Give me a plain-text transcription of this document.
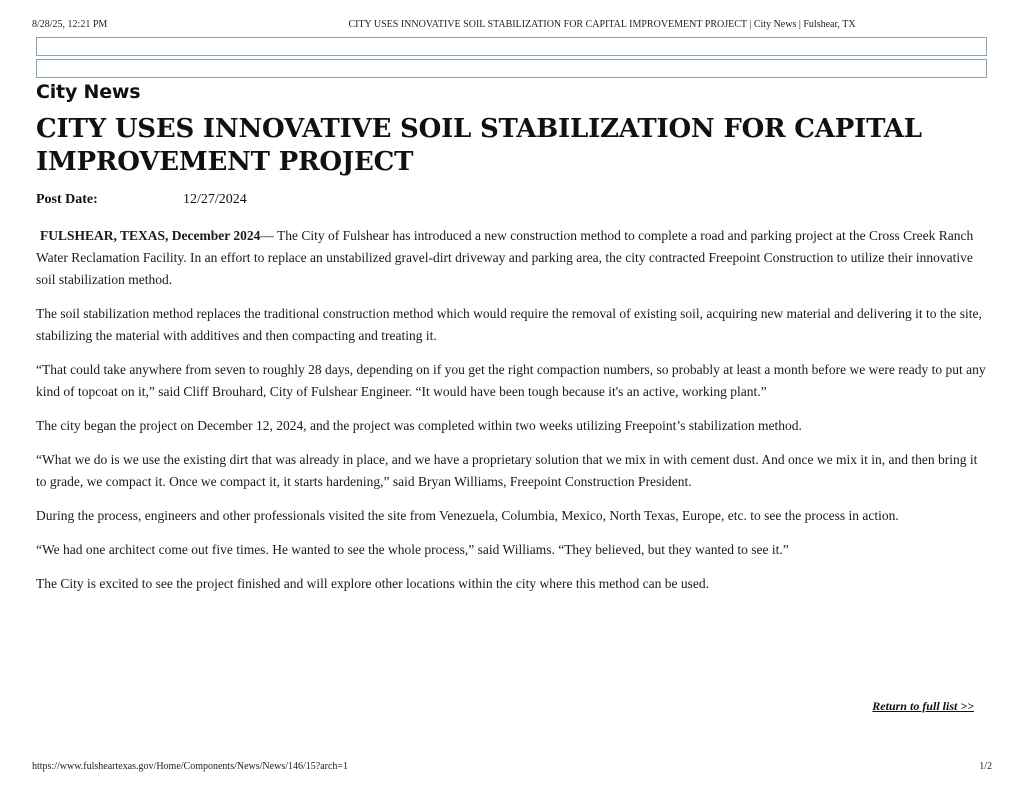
8/28/25, 12:21 PM	CITY USES INNOVATIVE SOIL STABILIZATION FOR CAPITAL IMPROVEMENT PROJECT | City News | Fulshear, TX
City News
CITY USES INNOVATIVE SOIL STABILIZATION FOR CAPITAL IMPROVEMENT PROJECT
Post Date:	12/27/2024

FULSHEAR, TEXAS, December 2024— The City of Fulshear has introduced a new construction method to complete a road and parking project at the Cross Creek Ranch Water Reclamation Facility. In an effort to replace an unstabilized gravel-dirt driveway and parking area, the city contracted Freepoint Construction to utilize their innovative soil stabilization method.

The soil stabilization method replaces the traditional construction method which would require the removal of existing soil, acquiring new material and delivering it to the site, stabilizing the material with additives and then compacting and treating it.

“That could take anywhere from seven to roughly 28 days, depending on if you get the right compaction numbers, so probably at least a month before we were ready to put any kind of topcoat on it,” said Cliff Brouhard, City of Fulshear Engineer. “It would have been tough because it's an active, working plant.”

The city began the project on December 12, 2024, and the project was completed within two weeks utilizing Freepoint’s stabilization method.

“What we do is we use the existing dirt that was already in place, and we have a proprietary solution that we mix in with cement dust. And once we mix it in, and then bring it to grade, we compact it. Once we compact it, it starts hardening,” said Bryan Williams, Freepoint Construction President.

During the process, engineers and other professionals visited the site from Venezuela, Columbia, Mexico, North Texas, Europe, etc. to see the process in action.

“We had one architect come out five times. He wanted to see the whole process,” said Williams. “They believed, but they wanted to see it.”

The City is excited to see the project finished and will explore other locations within the city where this method can be used.

Return to full list >>
https://www.fulsheartexas.gov/Home/Components/News/News/146/15?arch=1	1/2
